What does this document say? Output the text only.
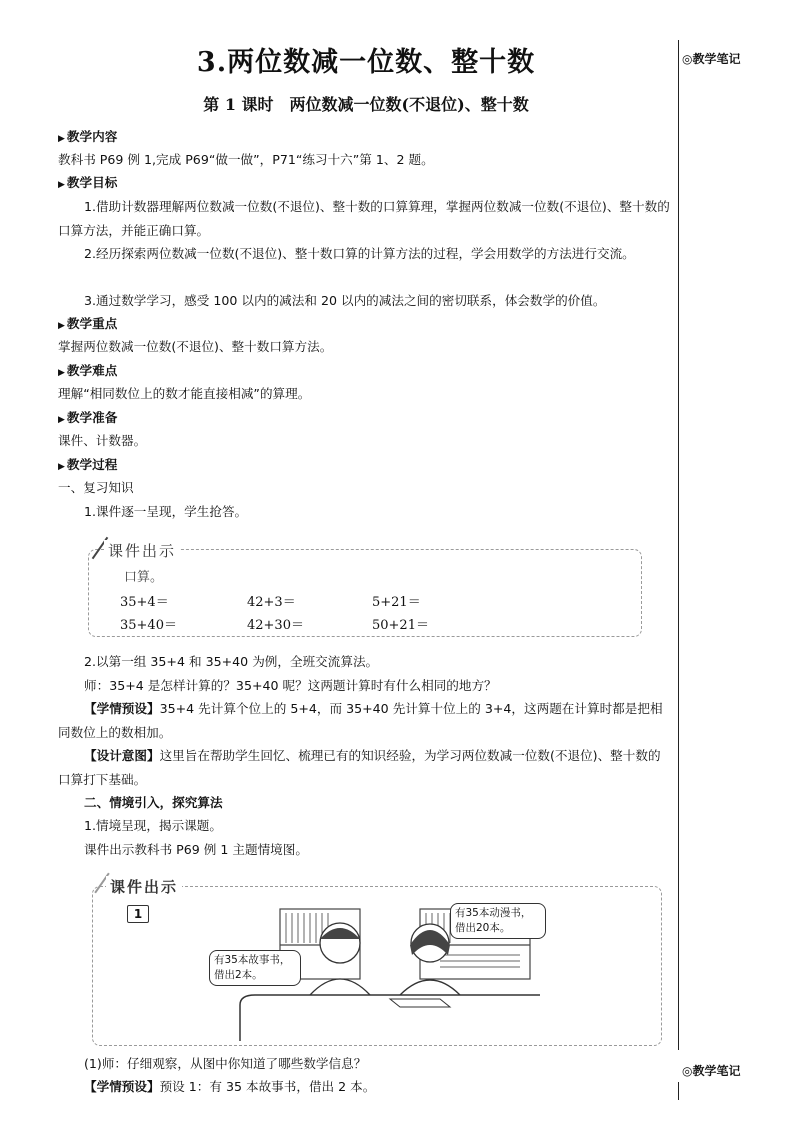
3.两位数减一位数、整十数
第 1 课时　两位数减一位数(不退位)、整十数
◎教学笔记
◎教学笔记
▶ 教学内容
教科书 P69 例 1,完成 P69“做一做”，P71“练习十六”第 1、2 题。
▶ 教学目标
1.借助计数器理解两位数减一位数(不退位)、整十数的口算算理，掌握两位数减一位数(不退位)、整十数的口算方法，并能正确口算。
2.经历探索两位数减一位数(不退位)、整十数口算的计算方法的过程，学会用数学的方法进行交流。
3.通过数学学习，感受 100 以内的减法和 20 以内的减法之间的密切联系，体会数学的价值。
▶ 教学重点
掌握两位数减一位数(不退位)、整十数口算方法。
▶ 教学难点
理解“相同数位上的数才能直接相减”的算理。
▶ 教学准备
课件、计数器。
▶ 教学过程
一、复习知识
1.课件逐一呈现，学生抢答。
课件出示
口算。
35+4＝	42+3＝	5+21＝
35+40＝	42+30＝	50+21＝
2.以第一组 35+4 和 35+40 为例，全班交流算法。
师：35+4 是怎样计算的？35+40 呢？这两题计算时有什么相同的地方？
【学情预设】35+4 先计算个位上的 5+4，而 35+40 先计算十位上的 3+4，这两题在计算时都是把相同数位上的数相加。
【设计意图】这里旨在帮助学生回忆、梳理已有的知识经验，为学习两位数减一位数(不退位)、整十数的口算打下基础。
二、情境引入，探究算法
1.情境呈现，揭示课题。
课件出示教科书 P69 例 1 主题情境图。
课件出示
1
有35本故事书，
借出2本。
有35本动漫书，
借出20本。
(1)师：仔细观察，从图中你知道了哪些数学信息？
【学情预设】预设 1：有 35 本故事书，借出 2 本。
